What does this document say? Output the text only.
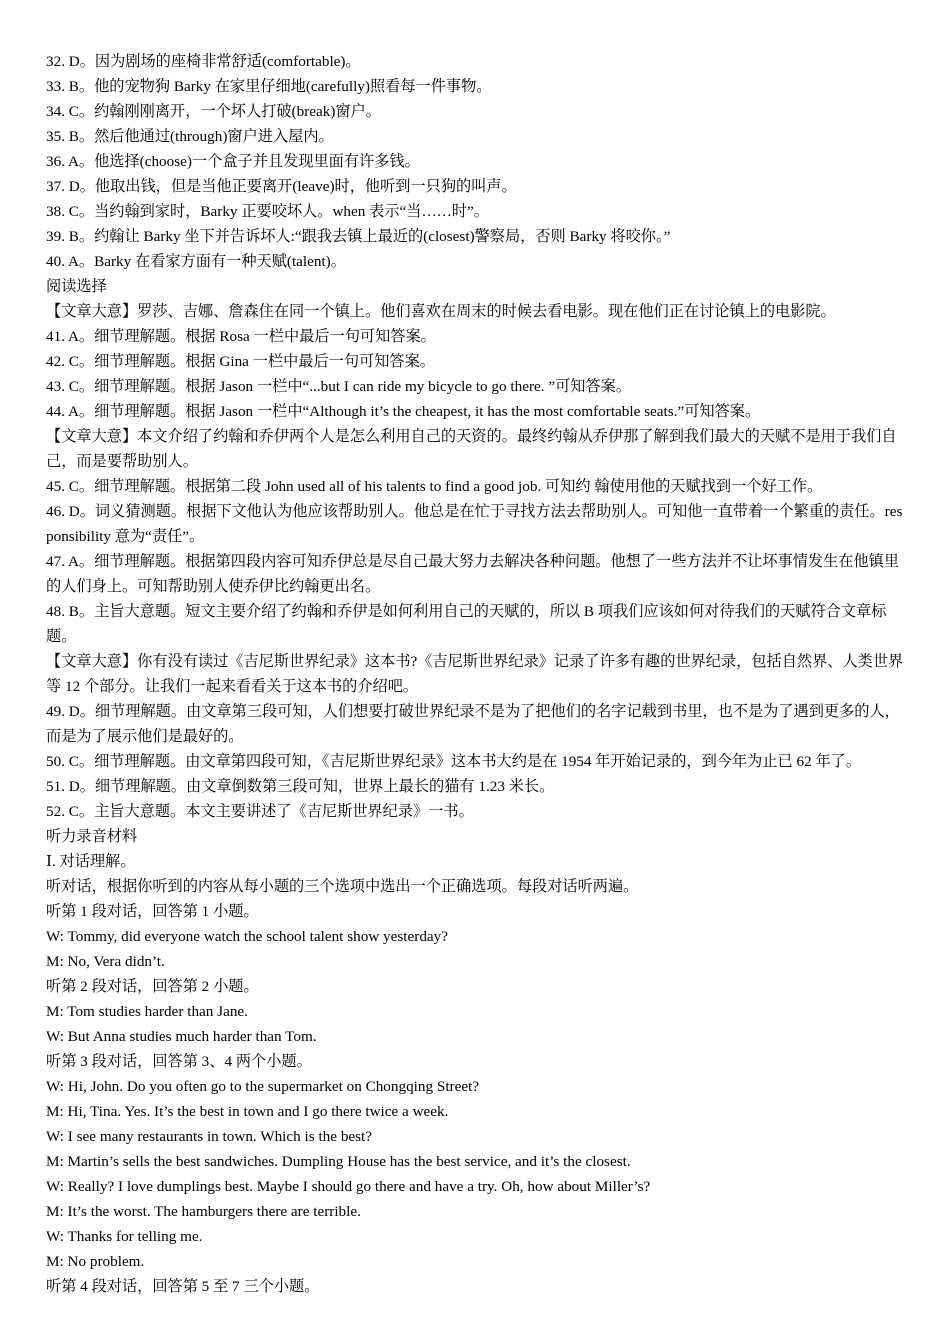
32. D。因为剧场的座椅非常舒适(comfortable)。

33. B。他的宠物狗 Barky 在家里仔细地(carefully)照看每一件事物。

34. C。约翰刚刚离开，一个坏人打破(break)窗户。

35. B。然后他通过(through)窗户进入屋内。

36. A。他选择(choose)一个盒子并且发现里面有许多钱。

37. D。他取出钱，但是当他正要离开(leave)时，他听到一只狗的叫声。

38. C。当约翰到家时，Barky 正要咬坏人。when 表示“当……时”。

39. B。约翰让 Barky 坐下并告诉坏人:“跟我去镇上最近的(closest)警察局，否则 Barky 将咬你。”

40. A。Barky 在看家方面有一种天赋(talent)。

阅读选择

【文章大意】罗莎、吉娜、詹森住在同一个镇上。他们喜欢在周末的时候去看电影。现在他们正在讨论镇上的电影院。

41. A。细节理解题。根据 Rosa 一栏中最后一句可知答案。

42. C。细节理解题。根据 Gina 一栏中最后一句可知答案。

43. C。细节理解题。根据 Jason 一栏中“...but I can ride my bicycle to go there. ”可知答案。

44. A。细节理解题。根据 Jason 一栏中“Although it’s the cheapest, it has the most comfortable seats.”可知答案。

【文章大意】本文介绍了约翰和乔伊两个人是怎么利用自己的天资的。最终约翰从乔伊那了解到我们最大的天赋不是用于我们自己，而是要帮助别人。

45. C。细节理解题。根据第二段 John used all of his talents to find a good job. 可知约 翰使用他的天赋找到一个好工作。

46. D。词义猜测题。根据下文他认为他应该帮助别人。他总是在忙于寻找方法去帮助别人。可知他一直带着一个繁重的责任。responsibility 意为“责任”。

47. A。细节理解题。根据第四段内容可知乔伊总是尽自己最大努力去解决各种问题。他想了一些方法并不让坏事情发生在他镇里的人们身上。可知帮助别人使乔伊比约翰更出名。

48. B。主旨大意题。短文主要介绍了约翰和乔伊是如何利用自己的天赋的，所以 B 项我们应该如何对待我们的天赋符合文章标题。

【文章大意】你有没有读过《吉尼斯世界纪录》这本书?《吉尼斯世界纪录》记录了许多有趣的世界纪录，包括自然界、人类世界等 12 个部分。让我们一起来看看关于这本书的介绍吧。

49. D。细节理解题。由文章第三段可知，人们想要打破世界纪录不是为了把他们的名字记载到书里，也不是为了遇到更多的人，而是为了展示他们是最好的。

50. C。细节理解题。由文章第四段可知，《吉尼斯世界纪录》这本书大约是在 1954 年开始记录的，到今年为止已 62 年了。

51. D。细节理解题。由文章倒数第三段可知，世界上最长的猫有 1.23 米长。

52. C。主旨大意题。本文主要讲述了《吉尼斯世界纪录》一书。

听力录音材料

Ⅰ. 对话理解。

听对话，根据你听到的内容从每小题的三个选项中选出一个正确选项。每段对话听两遍。

听第 1 段对话，回答第 1 小题。

W: Tommy, did everyone watch the school talent show yesterday?

M: No, Vera didn’t.

听第 2 段对话，回答第 2 小题。

M: Tom studies harder than Jane.

W: But Anna studies much harder than Tom.

听第 3 段对话，回答第 3、4 两个小题。

W: Hi, John. Do you often go to the supermarket on Chongqing Street?

M: Hi, Tina. Yes. It’s the best in town and I go there twice a week.

W: I see many restaurants in town. Which is the best?

M: Martin’s sells the best sandwiches. Dumpling House has the best service, and it’s the closest.

W: Really? I love dumplings best. Maybe I should go there and have a try. Oh, how about Miller’s?

M: It’s the worst. The hamburgers there are terrible.

W: Thanks for telling me.

M: No problem.

听第 4 段对话，回答第 5 至 7 三个小题。
